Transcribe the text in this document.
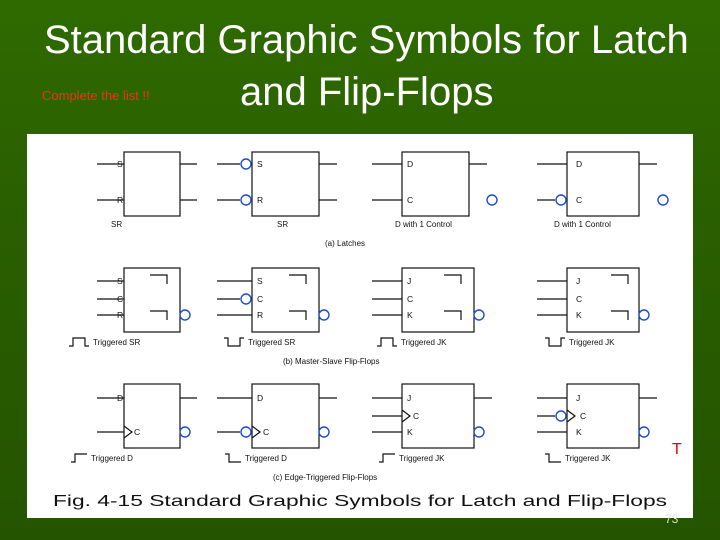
Standard Graphic Symbols for Latch
Complete the list !! and Flip-Flops
S
R
SR
S
R
SR
D
C
D with 1 Control
D
C
D with 1 Control
(a) Latches
S
C
R
Triggered SR
S
C
R
Triggered SR
J
C
K
Triggered JK
J
C
K
Triggered JK
(b) Master-Slave Flip-Flops
D
C
Triggered D
D
C
Triggered D
J
C
K
Triggered JK
J
C
K
Triggered JK
(c) Edge-Triggered Flip-Flops
Fig. 4-15 Standard Graphic Symbols for Latch and Flip-Flops
T
73
